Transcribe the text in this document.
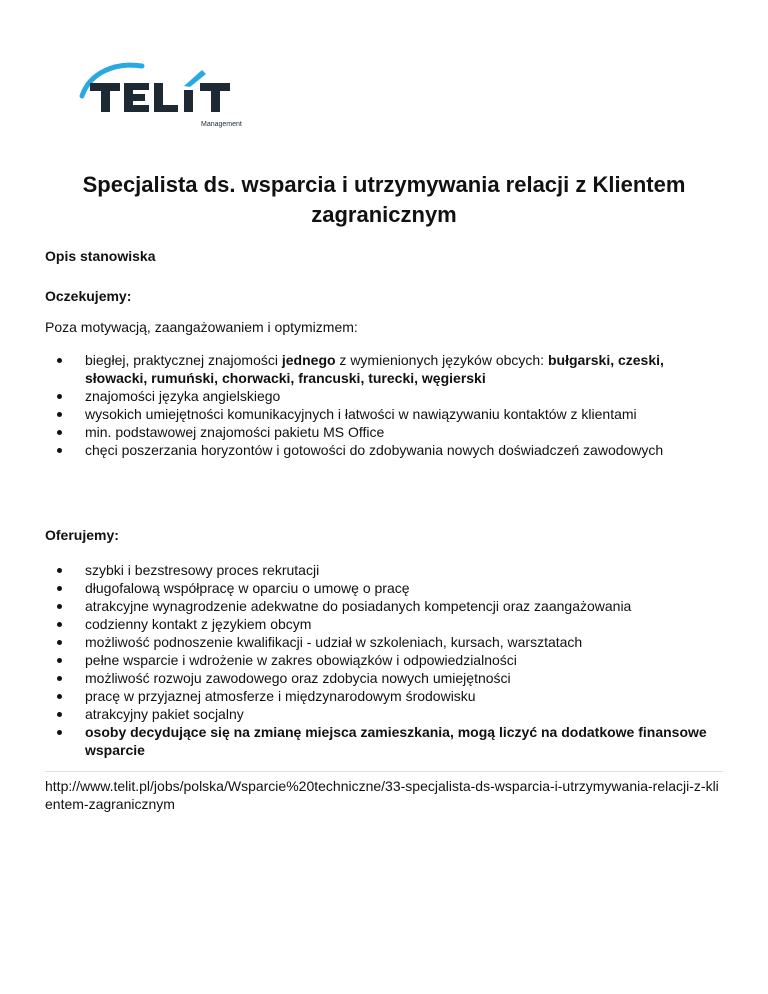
Management
Specjalista ds. wsparcia i utrzymywania relacji z Klientem zagranicznym

Opis stanowiska

Oczekujemy:

Poza motywacją, zaangażowaniem i optymizmem:

biegłej, praktycznej znajomości jednego z wymienionych języków obcych: bułgarski, czeski, słowacki, rumuński, chorwacki, francuski, turecki, węgierski
znajomości języka angielskiego
wysokich umiejętności komunikacyjnych i łatwości w nawiązywaniu kontaktów z klientami
min. podstawowej znajomości pakietu MS Office
chęci poszerzania horyzontów i gotowości do zdobywania nowych doświadczeń zawodowych

Oferujemy:

szybki i bezstresowy proces rekrutacji
długofalową współpracę w oparciu o umowę o pracę
atrakcyjne wynagrodzenie adekwatne do posiadanych kompetencji oraz zaangażowania
codzienny kontakt z językiem obcym
możliwość podnoszenie kwalifikacji - udział w szkoleniach, kursach, warsztatach
pełne wsparcie i wdrożenie w zakres obowiązków i odpowiedzialności
możliwość rozwoju zawodowego oraz zdobycia nowych umiejętności
pracę w przyjaznej atmosferze i międzynarodowym środowisku
atrakcyjny pakiet socjalny
osoby decydujące się na zmianę miejsca zamieszkania, mogą liczyć na dodatkowe finansowe wsparcie

http://www.telit.pl/jobs/polska/Wsparcie%20techniczne/33-specjalista-ds-wsparcia-i-utrzymywania-relacji-z-klientem-zagranicznym
